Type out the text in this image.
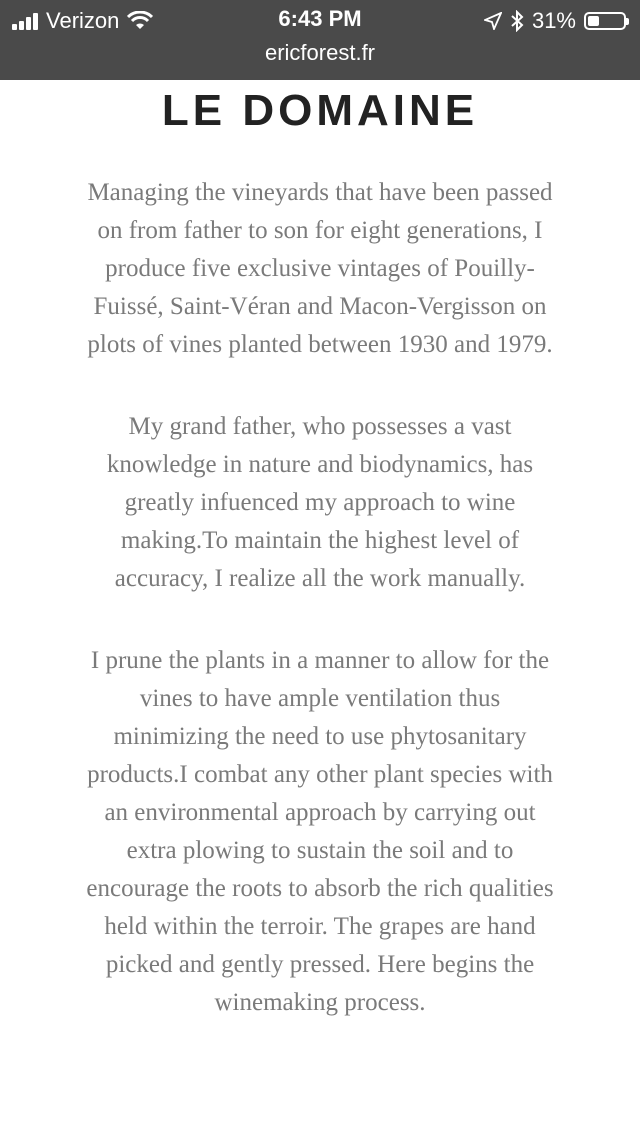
Verizon	6:43 PM	31%
ericforest.fr
LE DOMAINE

Managing the vineyards that have been passed on from father to son for eight generations, I produce five exclusive vintages of Pouilly-Fuissé, Saint-Véran and Macon-Vergisson on plots of vines planted between 1930 and 1979.

My grand father, who possesses a vast knowledge in nature and biodynamics, has greatly infuenced my approach to wine making.To maintain the highest level of accuracy, I realize all the work manually.

I prune the plants in a manner to allow for the vines to have ample ventilation thus minimizing the need to use phytosanitary products.I combat any other plant species with an environmental approach by carrying out extra plowing to sustain the soil and to encourage the roots to absorb the rich qualities held within the terroir. The grapes are hand picked and gently pressed. Here begins the winemaking process.
